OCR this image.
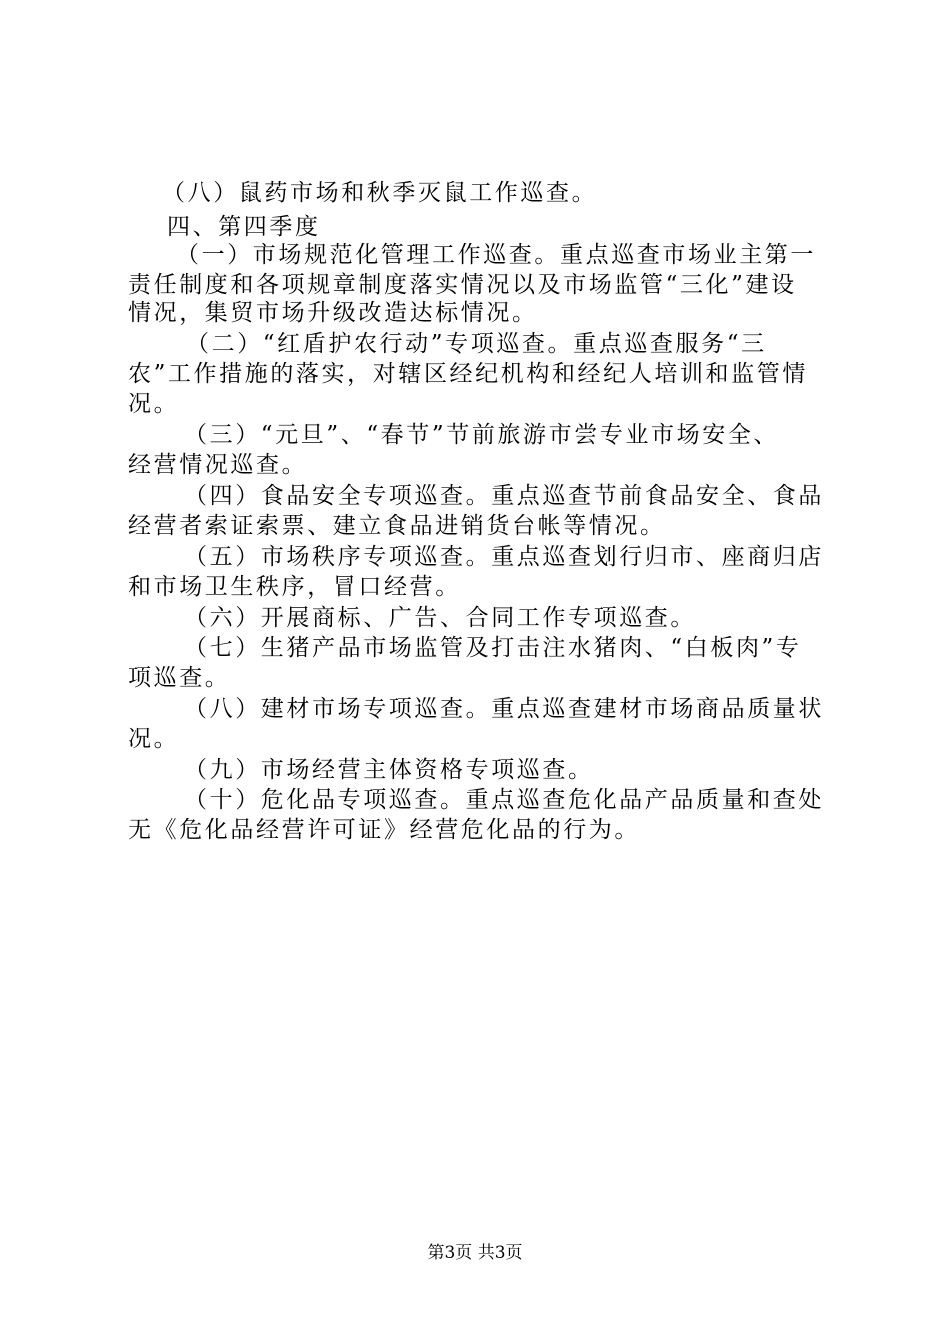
（八）鼠药市场和秋季灭鼠工作巡查。
四、第四季度
（一）市场规范化管理工作巡查。重点巡查市场业主第一
责任制度和各项规章制度落实情况以及市场监管“三化”建设
情况，集贸市场升级改造达标情况。
（二）“红盾护农行动”专项巡查。重点巡查服务“三
农”工作措施的落实，对辖区经纪机构和经纪人培训和监管情
况。
（三）“元旦”、“春节”节前旅游市尝专业市场安全、
经营情况巡查。
（四）食品安全专项巡查。重点巡查节前食品安全、食品
经营者索证索票、建立食品进销货台帐等情况。
（五）市场秩序专项巡查。重点巡查划行归市、座商归店
和市场卫生秩序，冒口经营。
（六）开展商标、广告、合同工作专项巡查。
（七）生猪产品市场监管及打击注水猪肉、“白板肉”专
项巡查。
（八）建材市场专项巡查。重点巡查建材市场商品质量状
况。
（九）市场经营主体资格专项巡查。
（十）危化品专项巡查。重点巡查危化品产品质量和查处
无《危化品经营许可证》经营危化品的行为。
第3页 共3页
